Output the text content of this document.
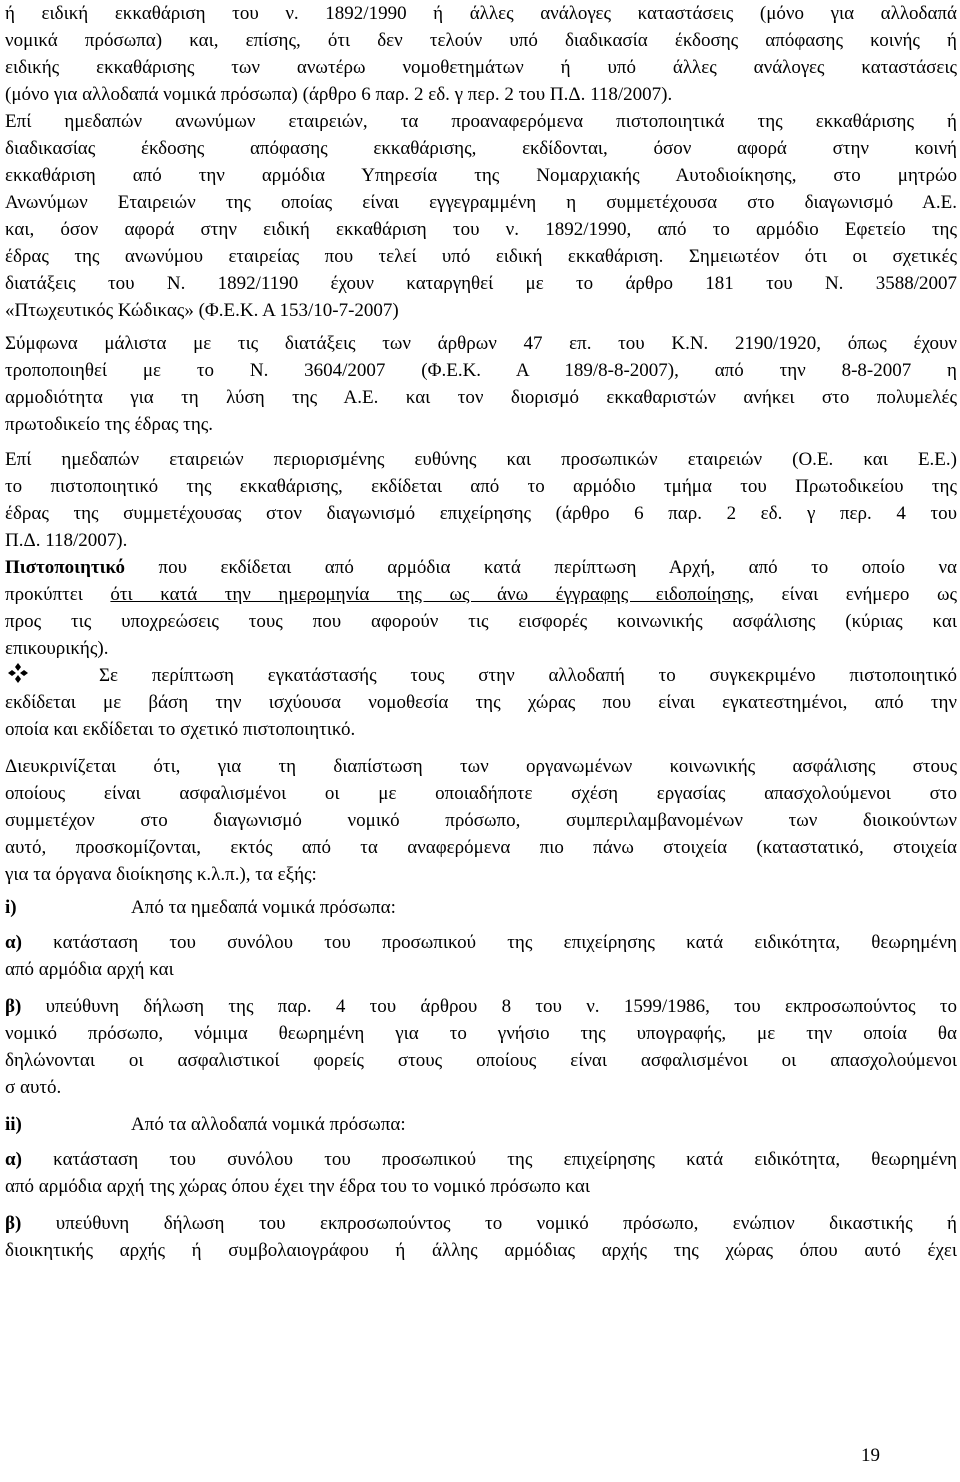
ή ειδική εκκαθάριση του ν. 1892/1990 ή άλλες ανάλογες καταστάσεις (μόνο για αλλοδαπά

νομικά πρόσωπα) και, επίσης, ότι δεν τελούν υπό διαδικασία έκδοσης απόφασης κοινής ή

ειδικής εκκαθάρισης των ανωτέρω νομοθετημάτων ή υπό άλλες ανάλογες καταστάσεις

(μόνο για αλλοδαπά νομικά πρόσωπα) (άρθρο 6 παρ. 2 εδ. γ περ. 2 του Π.Δ. 118/2007).

Επί ημεδαπών ανωνύμων εταιρειών, τα προαναφερόμενα πιστοποιητικά της εκκαθάρισης ή

διαδικασίας έκδοσης απόφασης εκκαθάρισης, εκδίδονται, όσον αφορά στην κοινή

εκκαθάριση από την αρμόδια Υπηρεσία της Νομαρχιακής Αυτοδιοίκησης, στο μητρώο

Ανωνύμων Εταιρειών της οποίας είναι εγγεγραμμένη η συμμετέχουσα στο διαγωνισμό Α.Ε.

και, όσον αφορά στην ειδική εκκαθάριση του ν. 1892/1990, από το αρμόδιο Εφετείο της

έδρας της ανωνύμου εταιρείας που τελεί υπό ειδική εκκαθάριση. Σημειωτέον ότι οι σχετικές

διατάξεις του Ν. 1892/1190 έχουν καταργηθεί με το άρθρο 181 του Ν. 3588/2007

«Πτωχευτικός Κώδικας» (Φ.Ε.Κ. Α 153/10-7-2007)

Σύμφωνα μάλιστα με τις διατάξεις των άρθρων 47 επ. του Κ.Ν. 2190/1920, όπως έχουν

τροποποιηθεί με το Ν. 3604/2007 (Φ.Ε.Κ. Α 189/8-8-2007), από την 8-8-2007 η

αρμοδιότητα για τη λύση της Α.Ε. και τον διορισμό εκκαθαριστών ανήκει στο πολυμελές

πρωτοδικείο της έδρας της.

Επί ημεδαπών εταιρειών περιορισμένης ευθύνης και προσωπικών εταιρειών (Ο.Ε. και Ε.Ε.)

το πιστοποιητικό της εκκαθάρισης, εκδίδεται από το αρμόδιο τμήμα του Πρωτοδικείου της

έδρας της συμμετέχουσας στον διαγωνισμό επιχείρησης (άρθρο 6 παρ. 2 εδ. γ περ. 4 του

Π.Δ. 118/2007).

Πιστοποιητικό που εκδίδεται από αρμόδια κατά περίπτωση Αρχή, από το οποίο να

προκύπτει ότι κατά την ημερομηνία της ως άνω έγγραφης ειδοποίησης, είναι ενήμερο ως

προς τις υποχρεώσεις τους που αφορούν τις εισφορές κοινωνικής ασφάλισης (κύριας και

επικουρικής).

Σε περίπτωση εγκατάστασής τους στην αλλοδαπή το συγκεκριμένο πιστοποιητικό

εκδίδεται με βάση την ισχύουσα νομοθεσία της χώρας που είναι εγκατεστημένοι, από την

οποία και εκδίδεται το σχετικό πιστοποιητικό.

Διευκρινίζεται ότι, για τη διαπίστωση των οργανωμένων κοινωνικής ασφάλισης στους

οποίους είναι ασφαλισμένοι οι με οποιαδήποτε σχέση εργασίας απασχολούμενοι στο

συμμετέχον στο διαγωνισμό νομικό πρόσωπο, συμπεριλαμβανομένων των διοικούντων

αυτό, προσκομίζονται, εκτός από τα αναφερόμενα πιο πάνω στοιχεία (καταστατικό, στοιχεία

για τα όργανα διοίκησης κ.λ.π.), τα εξής:

i)	Από τα ημεδαπά νομικά πρόσωπα:

α) κατάσταση του συνόλου του προσωπικού της επιχείρησης κατά ειδικότητα, θεωρημένη

από αρμόδια αρχή και

β) υπεύθυνη δήλωση της παρ. 4 του άρθρου 8 του ν. 1599/1986, του εκπροσωπούντος το

νομικό πρόσωπο, νόμιμα θεωρημένη για το γνήσιο της υπογραφής, με την οποία θα

δηλώνονται οι ασφαλιστικοί φορείς στους οποίους είναι ασφαλισμένοι οι απασχολούμενοι

σ αυτό.

ii)	Από τα αλλοδαπά νομικά πρόσωπα:

α) κατάσταση του συνόλου του προσωπικού της επιχείρησης κατά ειδικότητα, θεωρημένη

από αρμόδια αρχή της χώρας όπου έχει την έδρα του το νομικό πρόσωπο και

β) υπεύθυνη δήλωση του εκπροσωπούντος το νομικό πρόσωπο, ενώπιον δικαστικής ή

διοικητικής αρχής ή συμβολαιογράφου ή άλλης αρμόδιας αρχής της χώρας όπου αυτό έχει

19
